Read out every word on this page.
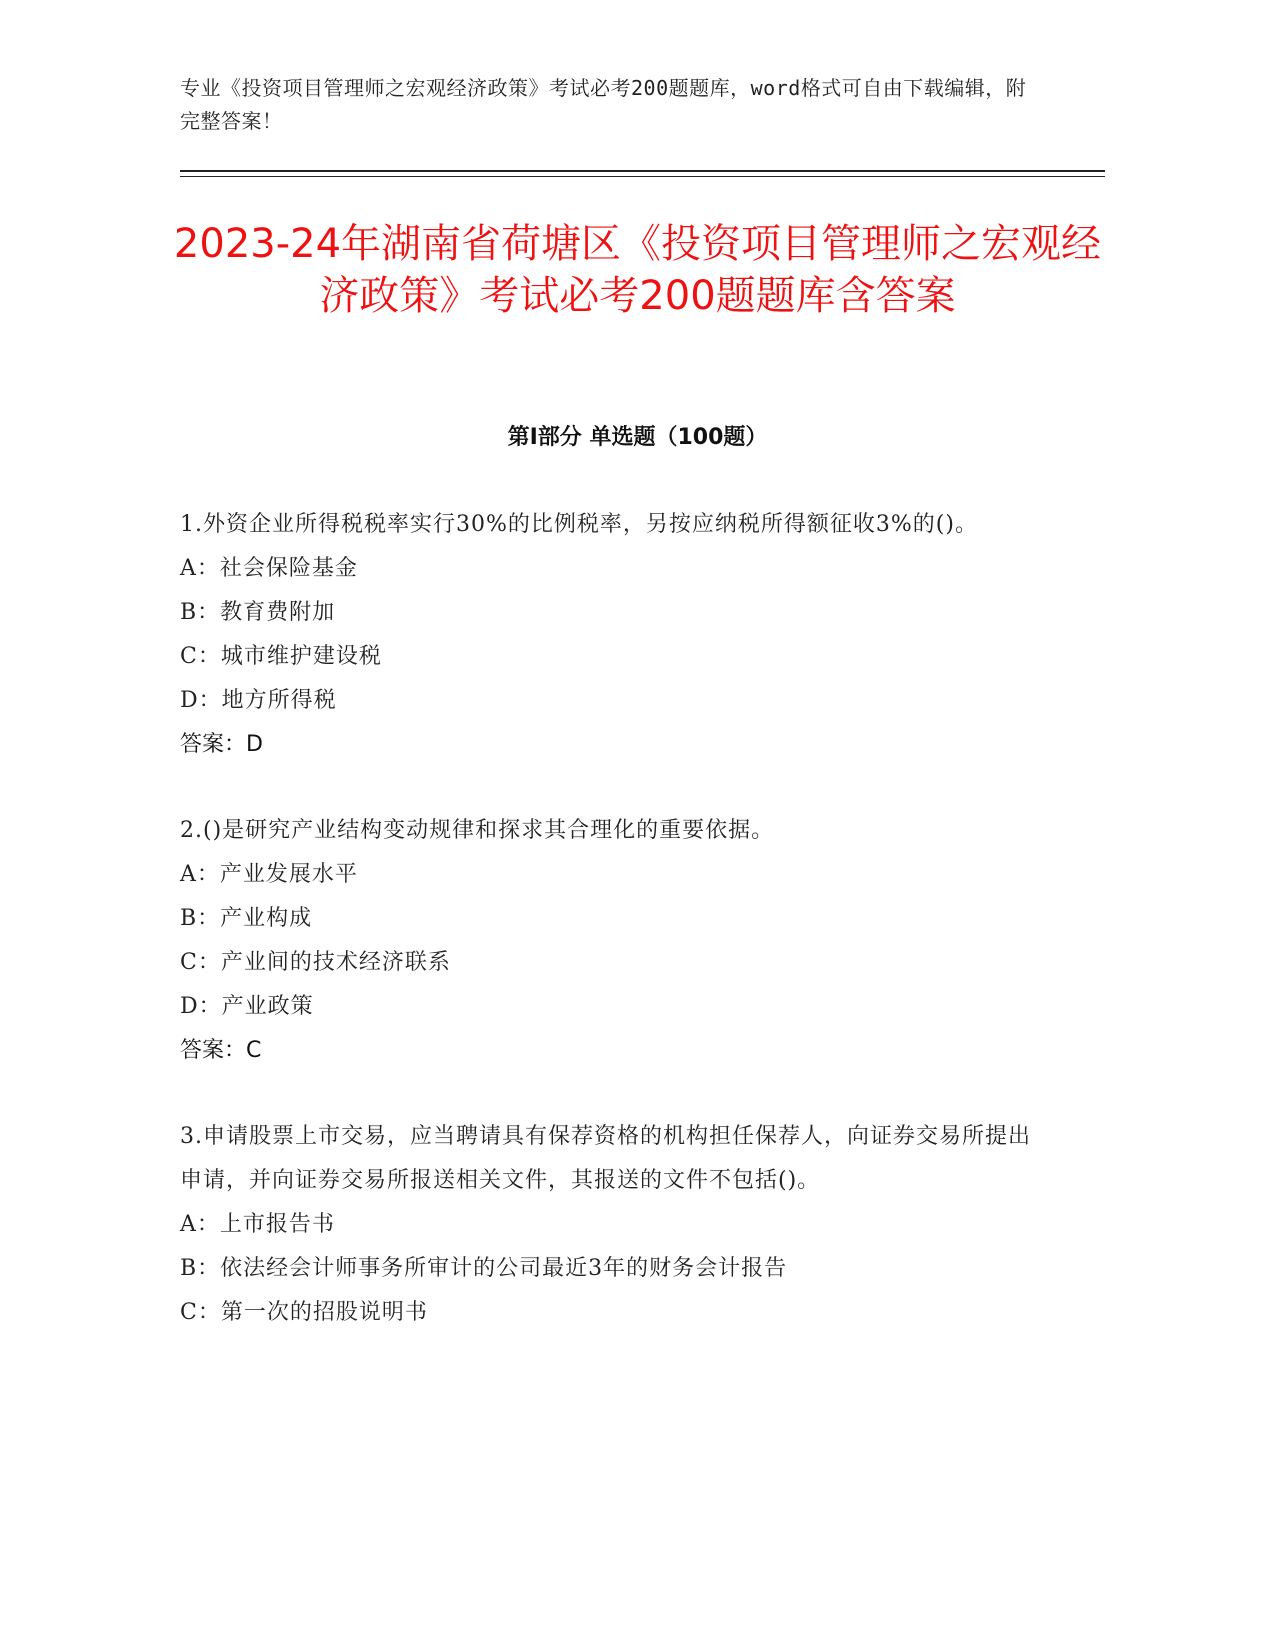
专业《投资项目管理师之宏观经济政策》考试必考200题题库，word格式可自由下载编辑，附完整答案！
2023-24年湖南省荷塘区《投资项目管理师之宏观经济政策》考试必考200题题库含答案
第Ⅰ部分 单选题（100题）
1.外资企业所得税税率实行30%的比例税率，另按应纳税所得额征收3%的()。
A：社会保险基金
B：教育费附加
C：城市维护建设税
D：地方所得税
答案：D
2.()是研究产业结构变动规律和探求其合理化的重要依据。
A：产业发展水平
B：产业构成
C：产业间的技术经济联系
D：产业政策
答案：C
3.申请股票上市交易，应当聘请具有保荐资格的机构担任保荐人，向证券交易所提出申请，并向证券交易所报送相关文件，其报送的文件不包括()。
A：上市报告书
B：依法经会计师事务所审计的公司最近3年的财务会计报告
C：第一次的招股说明书
